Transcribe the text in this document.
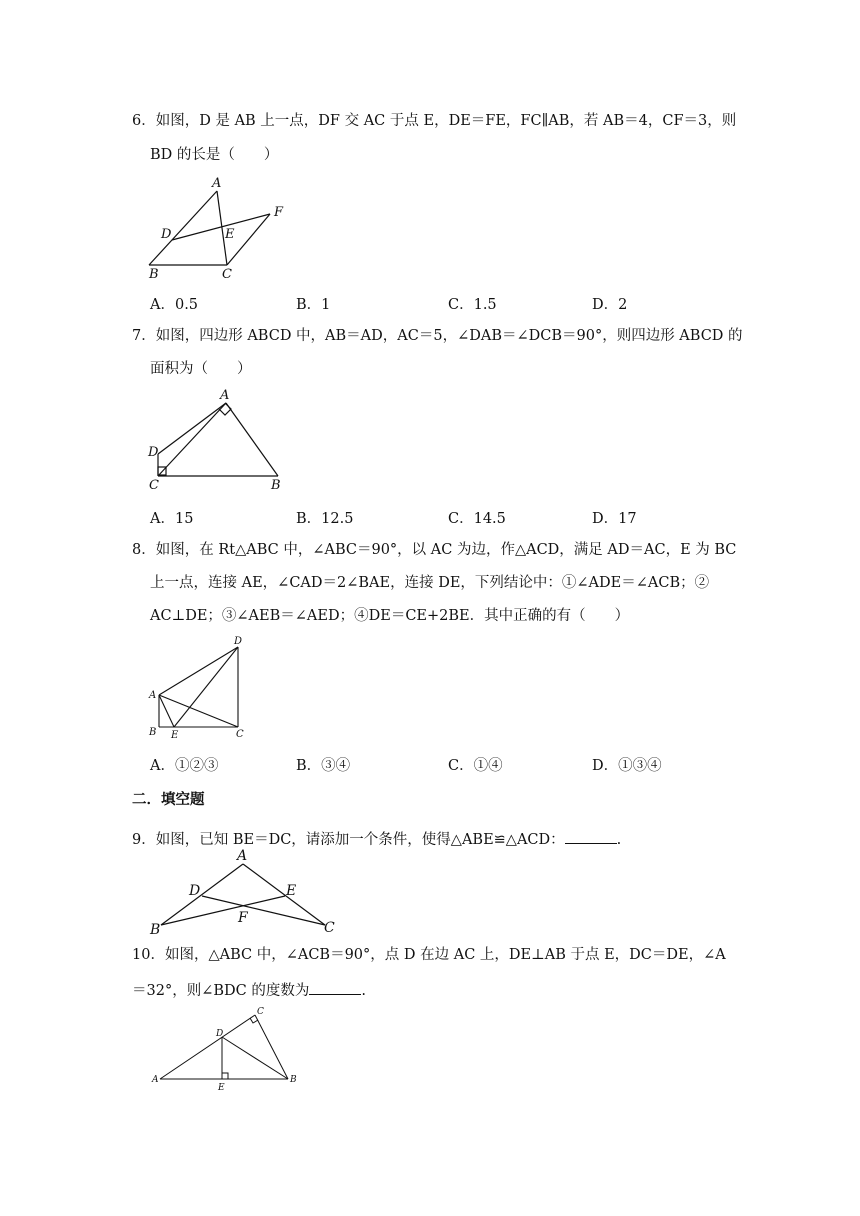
6．如图，D 是 AB 上一点，DF 交 AC 于点 E，DE＝FE，FC∥AB，若 AB＝4，CF＝3，则
BD 的长是（　　）
A
B	C
D	E
F
A．0.5	B．1	C．1.5	D．2
7．如图，四边形 ABCD 中，AB＝AD，AC＝5，∠DAB＝∠DCB＝90°，则四边形 ABCD 的
面积为（　　）
A
B
C
D
A．15	B．12.5	C．14.5	D．17
8．如图，在 Rt△ABC 中，∠ABC＝90°，以 AC 为边，作△ACD，满足 AD＝AC，E 为 BC
上一点，连接 AE，∠CAD＝2∠BAE，连接 DE，下列结论中：①∠ADE＝∠ACB；②
AC⊥DE；③∠AEB＝∠AED；④DE＝CE+2BE．其中正确的有（　　）
D
A
B E	C
A．①②③	B．③④	C．①④	D．①③④
二．填空题
9．如图，已知 BE＝DC，请添加一个条件，使得△ABE≌△ACD：	.
A
B	C
D	E
F
10．如图，△ABC 中，∠ACB＝90°，点 D 在边 AC 上，DE⊥AB 于点 E，DC＝DE，∠A
＝32°，则∠BDC 的度数为	.
A	B
C
D
E
